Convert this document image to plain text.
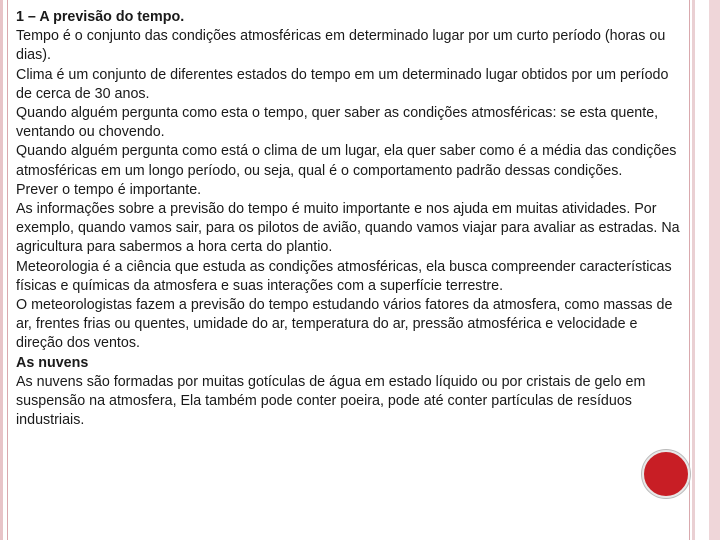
1 – A previsão do tempo.

Tempo é o conjunto das condições atmosféricas em determinado lugar por um curto período (horas ou dias).

Clima é um conjunto de diferentes estados do tempo em um determinado lugar obtidos por um período de cerca de 30 anos.

Quando alguém pergunta como esta o tempo, quer saber as condições atmosféricas: se esta quente, ventando ou chovendo.

Quando alguém pergunta como está o clima de um lugar, ela quer saber como é a média das condições atmosféricas em um longo período, ou seja, qual é o comportamento padrão dessas condições.

Prever o tempo é importante.

As informações sobre a previsão do tempo é muito importante e nos ajuda em muitas atividades. Por exemplo, quando vamos sair, para os pilotos de avião, quando vamos viajar para avaliar as estradas. Na agricultura para sabermos a hora certa do plantio.

Meteorologia é a ciência que estuda as condições atmosféricas, ela busca compreender características físicas e químicas da atmosfera e suas interações com a superfície terrestre.

O meteorologistas fazem a previsão do tempo estudando vários fatores da atmosfera, como massas de ar, frentes frias ou quentes, umidade do ar, temperatura do ar, pressão atmosférica e velocidade e direção dos ventos.

As nuvens

As nuvens são formadas por muitas gotículas de água em estado líquido ou por cristais de gelo em suspensão na atmosfera, Ela também pode conter poeira, pode até conter partículas de resíduos industriais.
